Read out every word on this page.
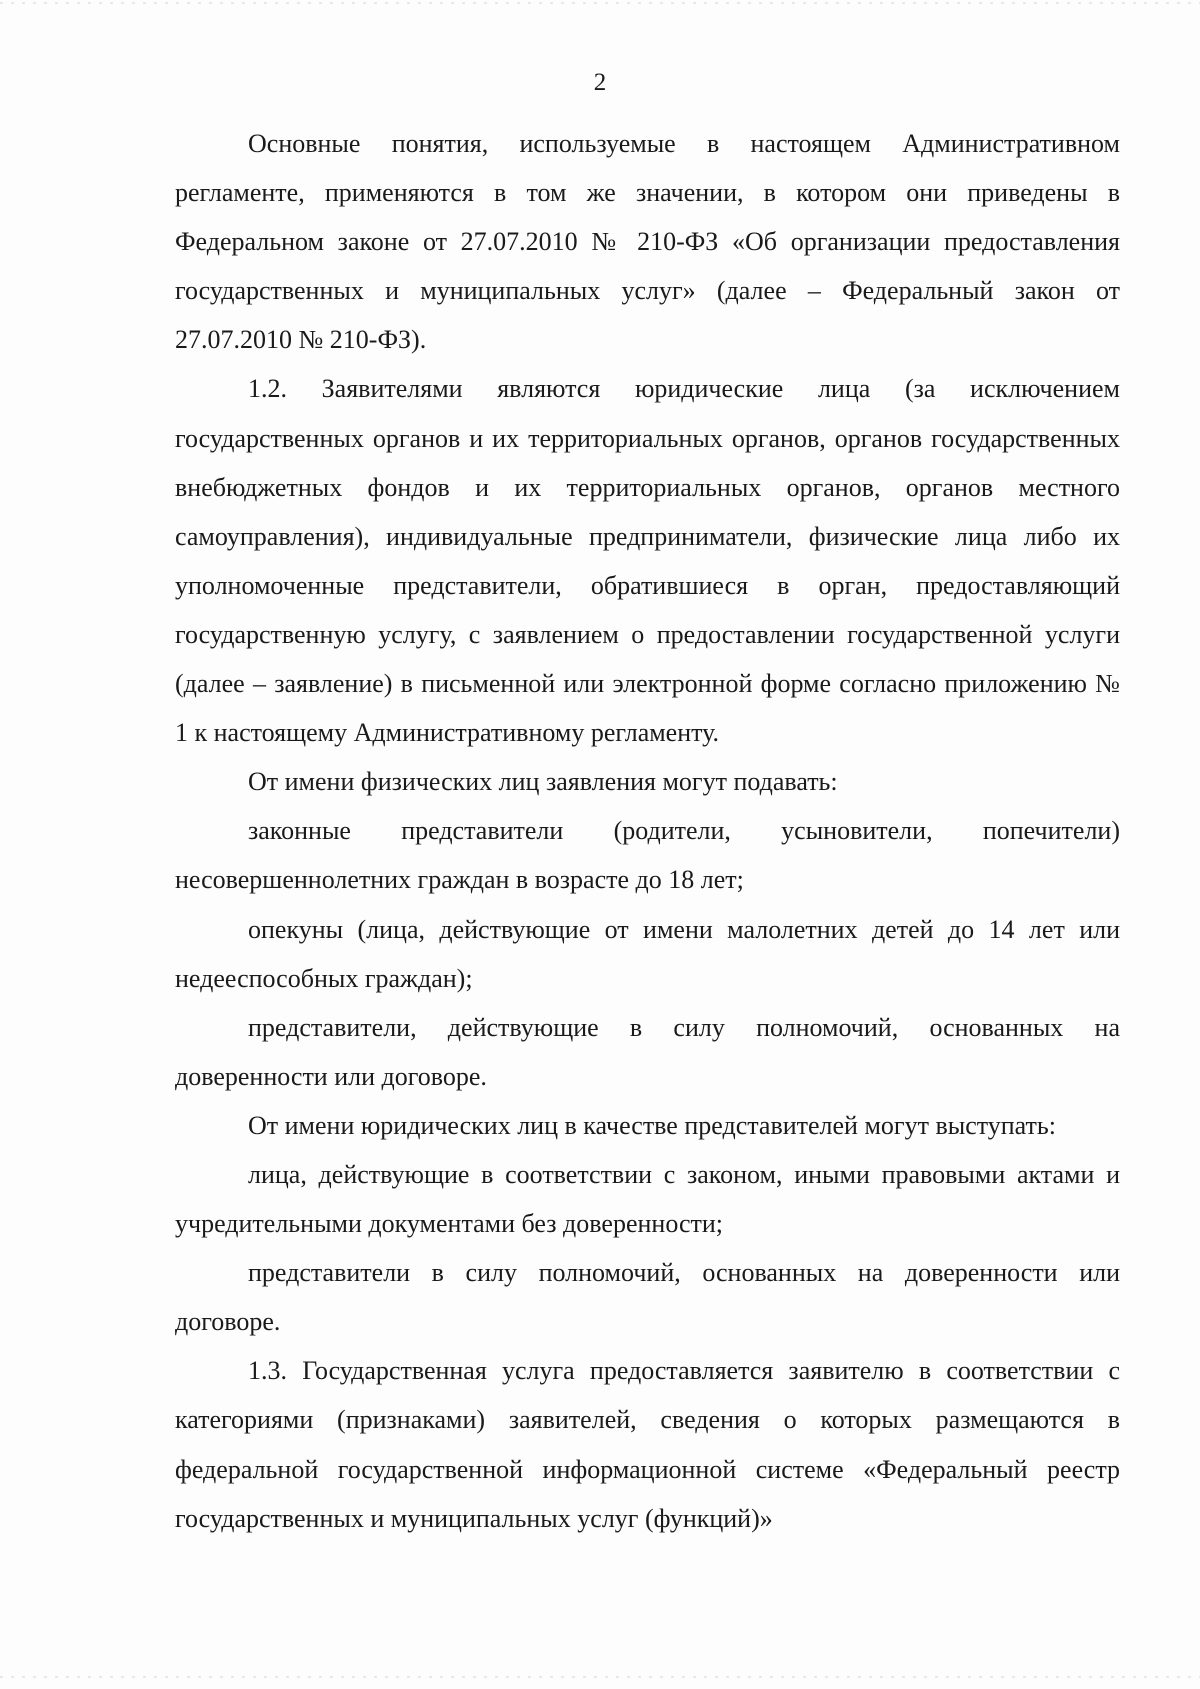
2

Основные понятия, используемые в настоящем Административном регламенте, применяются в том же значении, в котором они приведены в Федеральном законе от 27.07.2010 № 210-ФЗ «Об организации предоставления государственных и муниципальных услуг» (далее – Федеральный закон от 27.07.2010 № 210-ФЗ).

1.2. Заявителями являются юридические лица (за исключением государственных органов и их территориальных органов, органов государственных внебюджетных фондов и их территориальных органов, органов местного самоуправления), индивидуальные предприниматели, физические лица либо их уполномоченные представители, обратившиеся в орган, предоставляющий государственную услугу, с заявлением о предоставлении государственной услуги (далее – заявление) в письменной или электронной форме согласно приложению № 1 к настоящему Административному регламенту.

От имени физических лиц заявления могут подавать:

законные представители (родители, усыновители, попечители) несовершеннолетних граждан в возрасте до 18 лет;

опекуны (лица, действующие от имени малолетних детей до 14 лет или недееспособных граждан);

представители, действующие в силу полномочий, основанных на доверенности или договоре.

От имени юридических лиц в качестве представителей могут выступать:

лица, действующие в соответствии с законом, иными правовыми актами и учредительными документами без доверенности;

представители в силу полномочий, основанных на доверенности или договоре.

1.3. Государственная услуга предоставляется заявителю в соответствии с категориями (признаками) заявителей, сведения о которых размещаются в федеральной государственной информационной системе «Федеральный реестр государственных и муниципальных услуг (функций)»
